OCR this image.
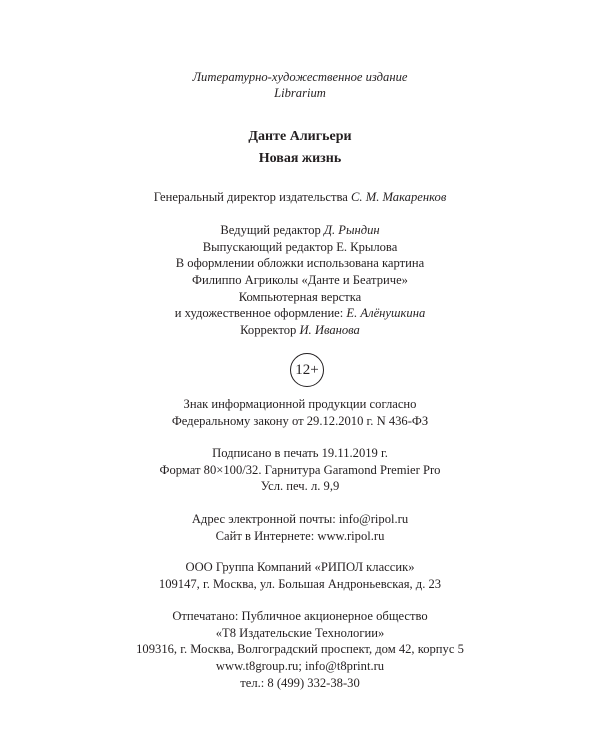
Литературно-художественное издание
Librarium
Данте Алигьери
Новая жизнь
Генеральный директор издательства С. М. Макаренков
Ведущий редактор Д. Рындин
Выпускающий редактор Е. Крылова
В оформлении обложки использована картина
Филиппо Агриколы «Данте и Беатриче»
Компьютерная верстка
и художественное оформление: Е. Алёнушкина
Корректор И. Иванова
12+
Знак информационной продукции согласно
Федеральному закону от 29.12.2010 г. N 436-ФЗ
Подписано в печать 19.11.2019 г.
Формат 80×100/32. Гарнитура Garamond Premier Pro
Усл. печ. л. 9,9
Адрес электронной почты: info@ripol.ru
Сайт в Интернете: www.ripol.ru
ООО Группа Компаний «РИПОЛ классик»
109147, г. Москва, ул. Большая Андроньевская, д. 23
Отпечатано: Публичное акционерное общество
«Т8 Издательские Технологии»
109316, г. Москва, Волгоградский проспект, дом 42, корпус 5
www.t8group.ru; info@t8print.ru
тел.: 8 (499) 332-38-30
